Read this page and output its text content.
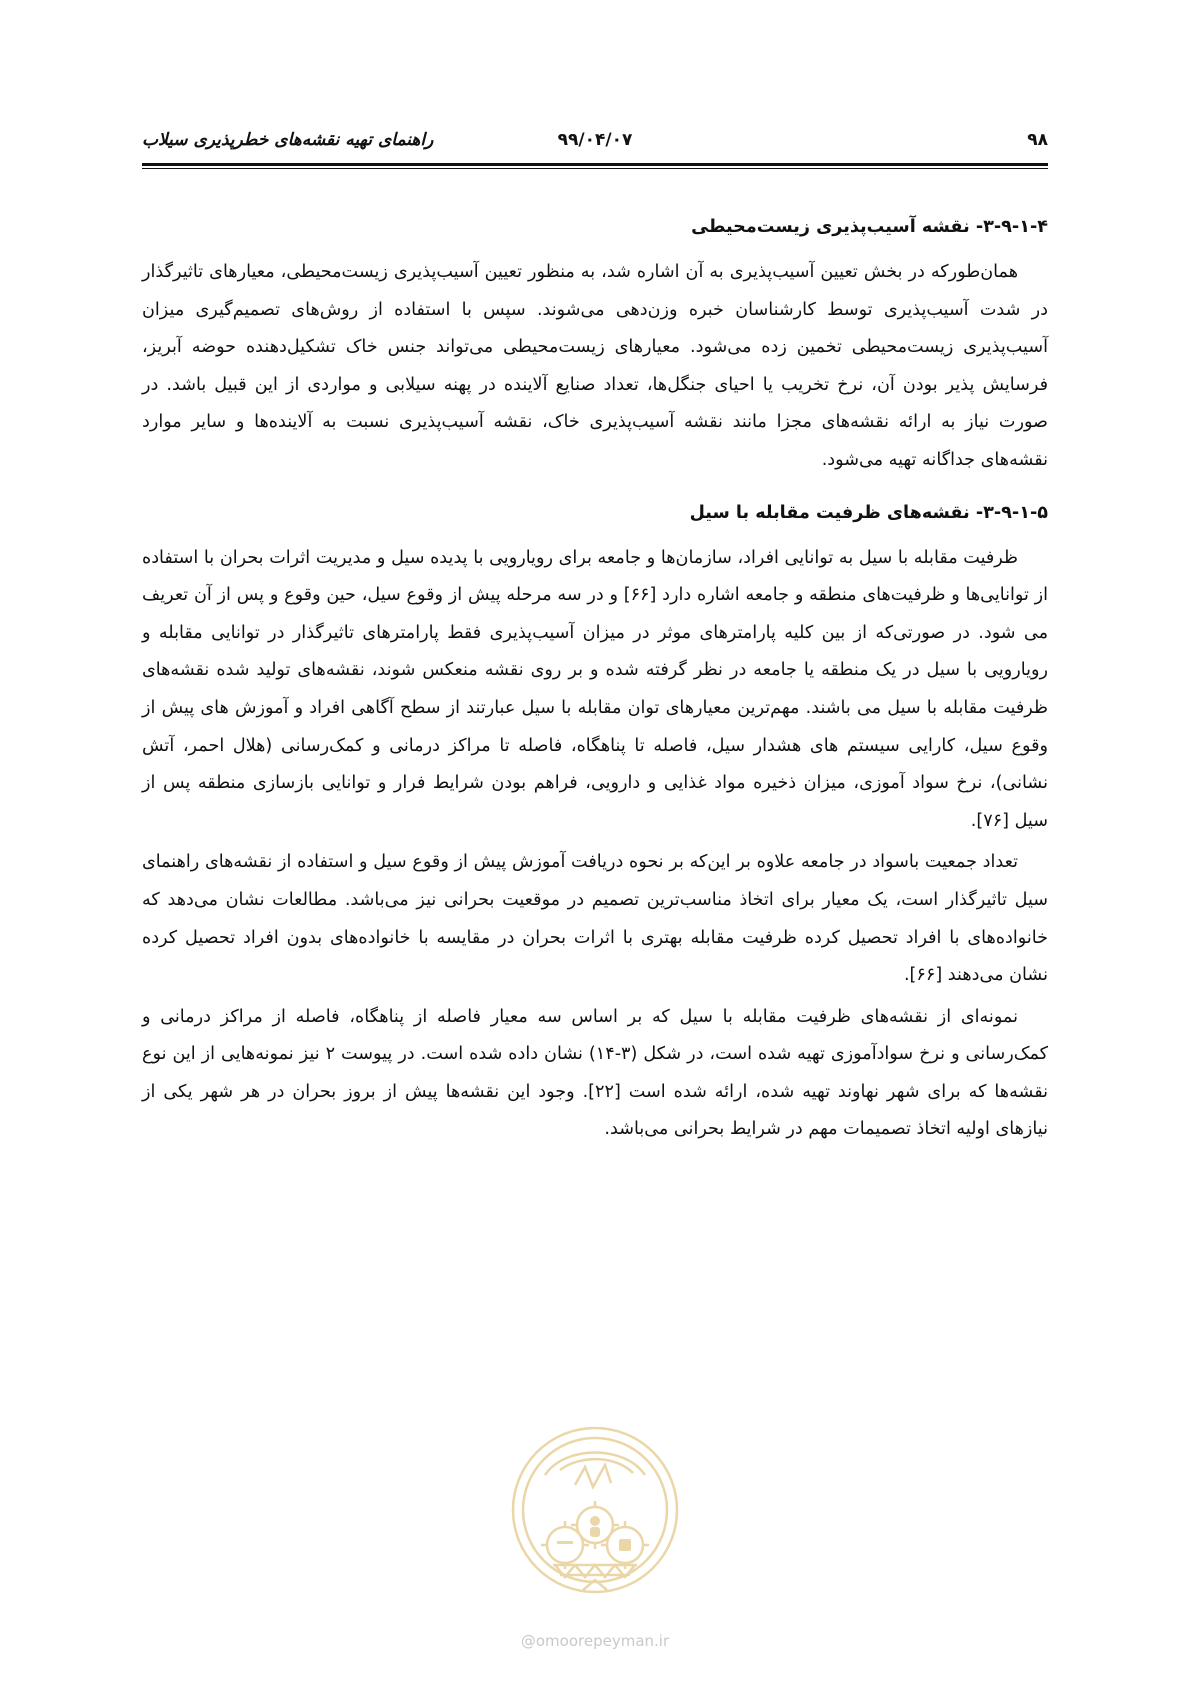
۹۸
۹۹/۰۴/۰۷
راهنمای تهیه نقشه‌های خطرپذیری سیلاب
۳-۹-۱-۴- نقشه آسیب‌پذیری زیست‌محیطی

همان‌طورکه در بخش تعیین آسیب‌پذیری به آن اشاره شد، به منظور تعیین آسیب‌پذیری زیست‌محیطی، معیارهای تاثیرگذار در شدت آسیب‌پذیری توسط کارشناسان خبره وزن‌دهی می‌شوند. سپس با استفاده از روش‌های تصمیم‌گیری میزان آسیب‌پذیری زیست‌محیطی تخمین زده می‌شود. معیارهای زیست‌محیطی می‌تواند جنس خاک تشکیل‌دهنده حوضه آبریز، فرسایش پذیر بودن آن، نرخ تخریب یا احیای جنگل‌ها، تعداد صنایع آلاینده در پهنه سیلابی و مواردی از این قبیل باشد. در صورت نیاز به ارائه نقشه‌های مجزا مانند نقشه آسیب‌پذیری خاک، نقشه آسیب‌پذیری نسبت به آلاینده‌ها و سایر موارد نقشه‌های جداگانه تهیه می‌شود.

۳-۹-۱-۵- نقشه‌های ظرفیت مقابله با سیل

ظرفیت مقابله با سیل به توانایی افراد، سازمان‌ها و جامعه برای رویارویی با پدیده سیل و مدیریت اثرات بحران با استفاده از توانایی‌ها و ظرفیت‌های منطقه و جامعه اشاره دارد [۶۶] و در سه مرحله پیش از وقوع سیل، حین وقوع و پس از آن تعریف می شود. در صورتی‌که از بین کلیه پارامترهای موثر در میزان آسیب‌پذیری فقط پارامترهای تاثیرگذار در توانایی مقابله و رویارویی با سیل در یک منطقه یا جامعه در نظر گرفته شده و بر روی نقشه منعکس شوند، نقشه‌های تولید شده نقشه‌های ظرفیت مقابله با سیل می باشند. مهم‌ترین معیارهای توان مقابله با سیل عبارتند از سطح آگاهی افراد و آموزش های پیش از وقوع سیل، کارایی سیستم های هشدار سیل، فاصله تا پناهگاه، فاصله تا مراکز درمانی و کمک‌رسانی (هلال احمر، آتش نشانی)، نرخ سواد آموزی، میزان ذخیره مواد غذایی و دارویی، فراهم بودن شرایط فرار و توانایی بازسازی منطقه پس از سیل [۷۶].

تعداد جمعیت باسواد در جامعه علاوه بر این‌که بر نحوه دریافت آموزش پیش از وقوع سیل و استفاده از نقشه‌های راهنمای سیل تاثیرگذار است، یک معیار برای اتخاذ مناسب‌ترین تصمیم در موقعیت بحرانی نیز می‌باشد. مطالعات نشان می‌دهد که خانواده‌های با افراد تحصیل کرده ظرفیت مقابله بهتری با اثرات بحران در مقایسه با خانواده‌های بدون افراد تحصیل کرده نشان می‌دهند [۶۶].

نمونه‌ای از نقشه‌های ظرفیت مقابله با سیل که بر اساس سه معیار فاصله از پناهگاه، فاصله از مراکز درمانی و کمک‌رسانی و نرخ سوادآموزی تهیه شده است، در شکل (۳-۱۴) نشان داده شده است. در پیوست ۲ نیز نمونه‌هایی از این نوع نقشه‌ها که برای شهر نهاوند تهیه شده، ارائه شده است [۲۲]. وجود این نقشه‌ها پیش از بروز بحران در هر شهر یکی از نیازهای اولیه اتخاذ تصمیمات مهم در شرایط بحرانی می‌باشد.

@omoorepeyman.ir
